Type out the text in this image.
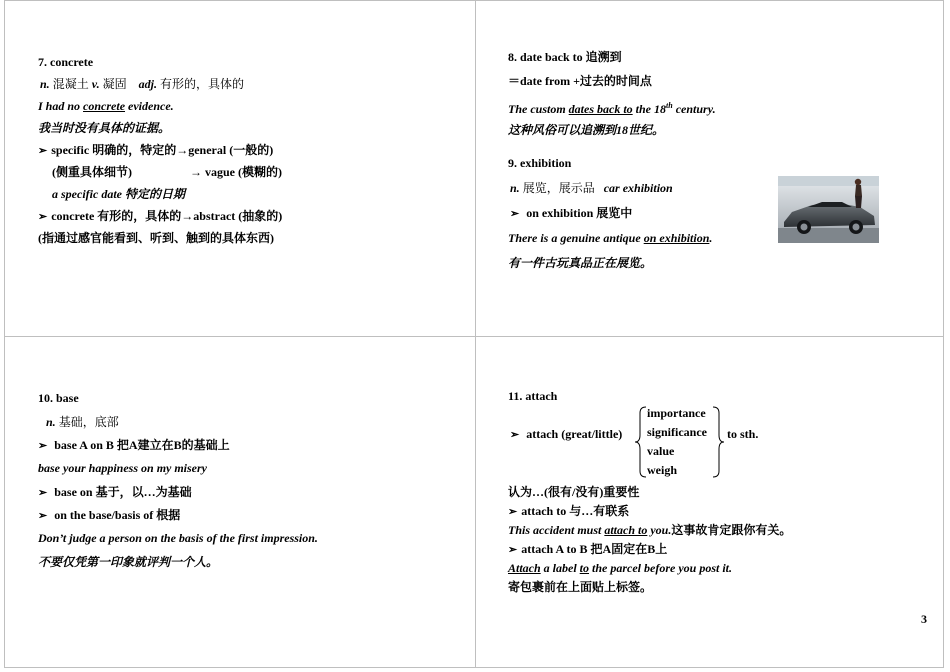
7. concrete
n. 混凝土 v. 凝固 adj. 有形的，具体的
I had no concrete evidence.
我当时没有具体的证据。
➢ specific 明确的，特定的→general (一般的)
(侧重具体细节)	→ vague (模糊的)
a specific date 特定的日期
➢ concrete 有形的，具体的→abstract (抽象的)
(指通过感官能看到、听到、触到的具体东西)
8. date back to 追溯到
＝date from +过去的时间点
The custom dates back to the 18th century.
这种风俗可以追溯到18世纪。
9. exhibition
n. 展览，展示品   car exhibition
➢ on exhibition 展览中
There is a genuine antique on exhibition.
有一件古玩真品正在展览。
10. base
n. 基础，底部
➢ base A on B 把A建立在B的基础上
base your happiness on my misery
➢ base on 基于，以…为基础
➢ on the base/basis of 根据
Don’t judge a person on the basis of the first impression.
不要仅凭第一印象就评判一个人。
11. attach
➢ attach (great/little)
importance
significance
value
weigh
to sth.
认为…(很有/没有)重要性
➢ attach to 与…有联系
This accident must attach to you.这事故肯定跟你有关。
➢ attach A to B 把A固定在B上
Attach a label to the parcel before you post it.
寄包裹前在上面贴上标签。
3
